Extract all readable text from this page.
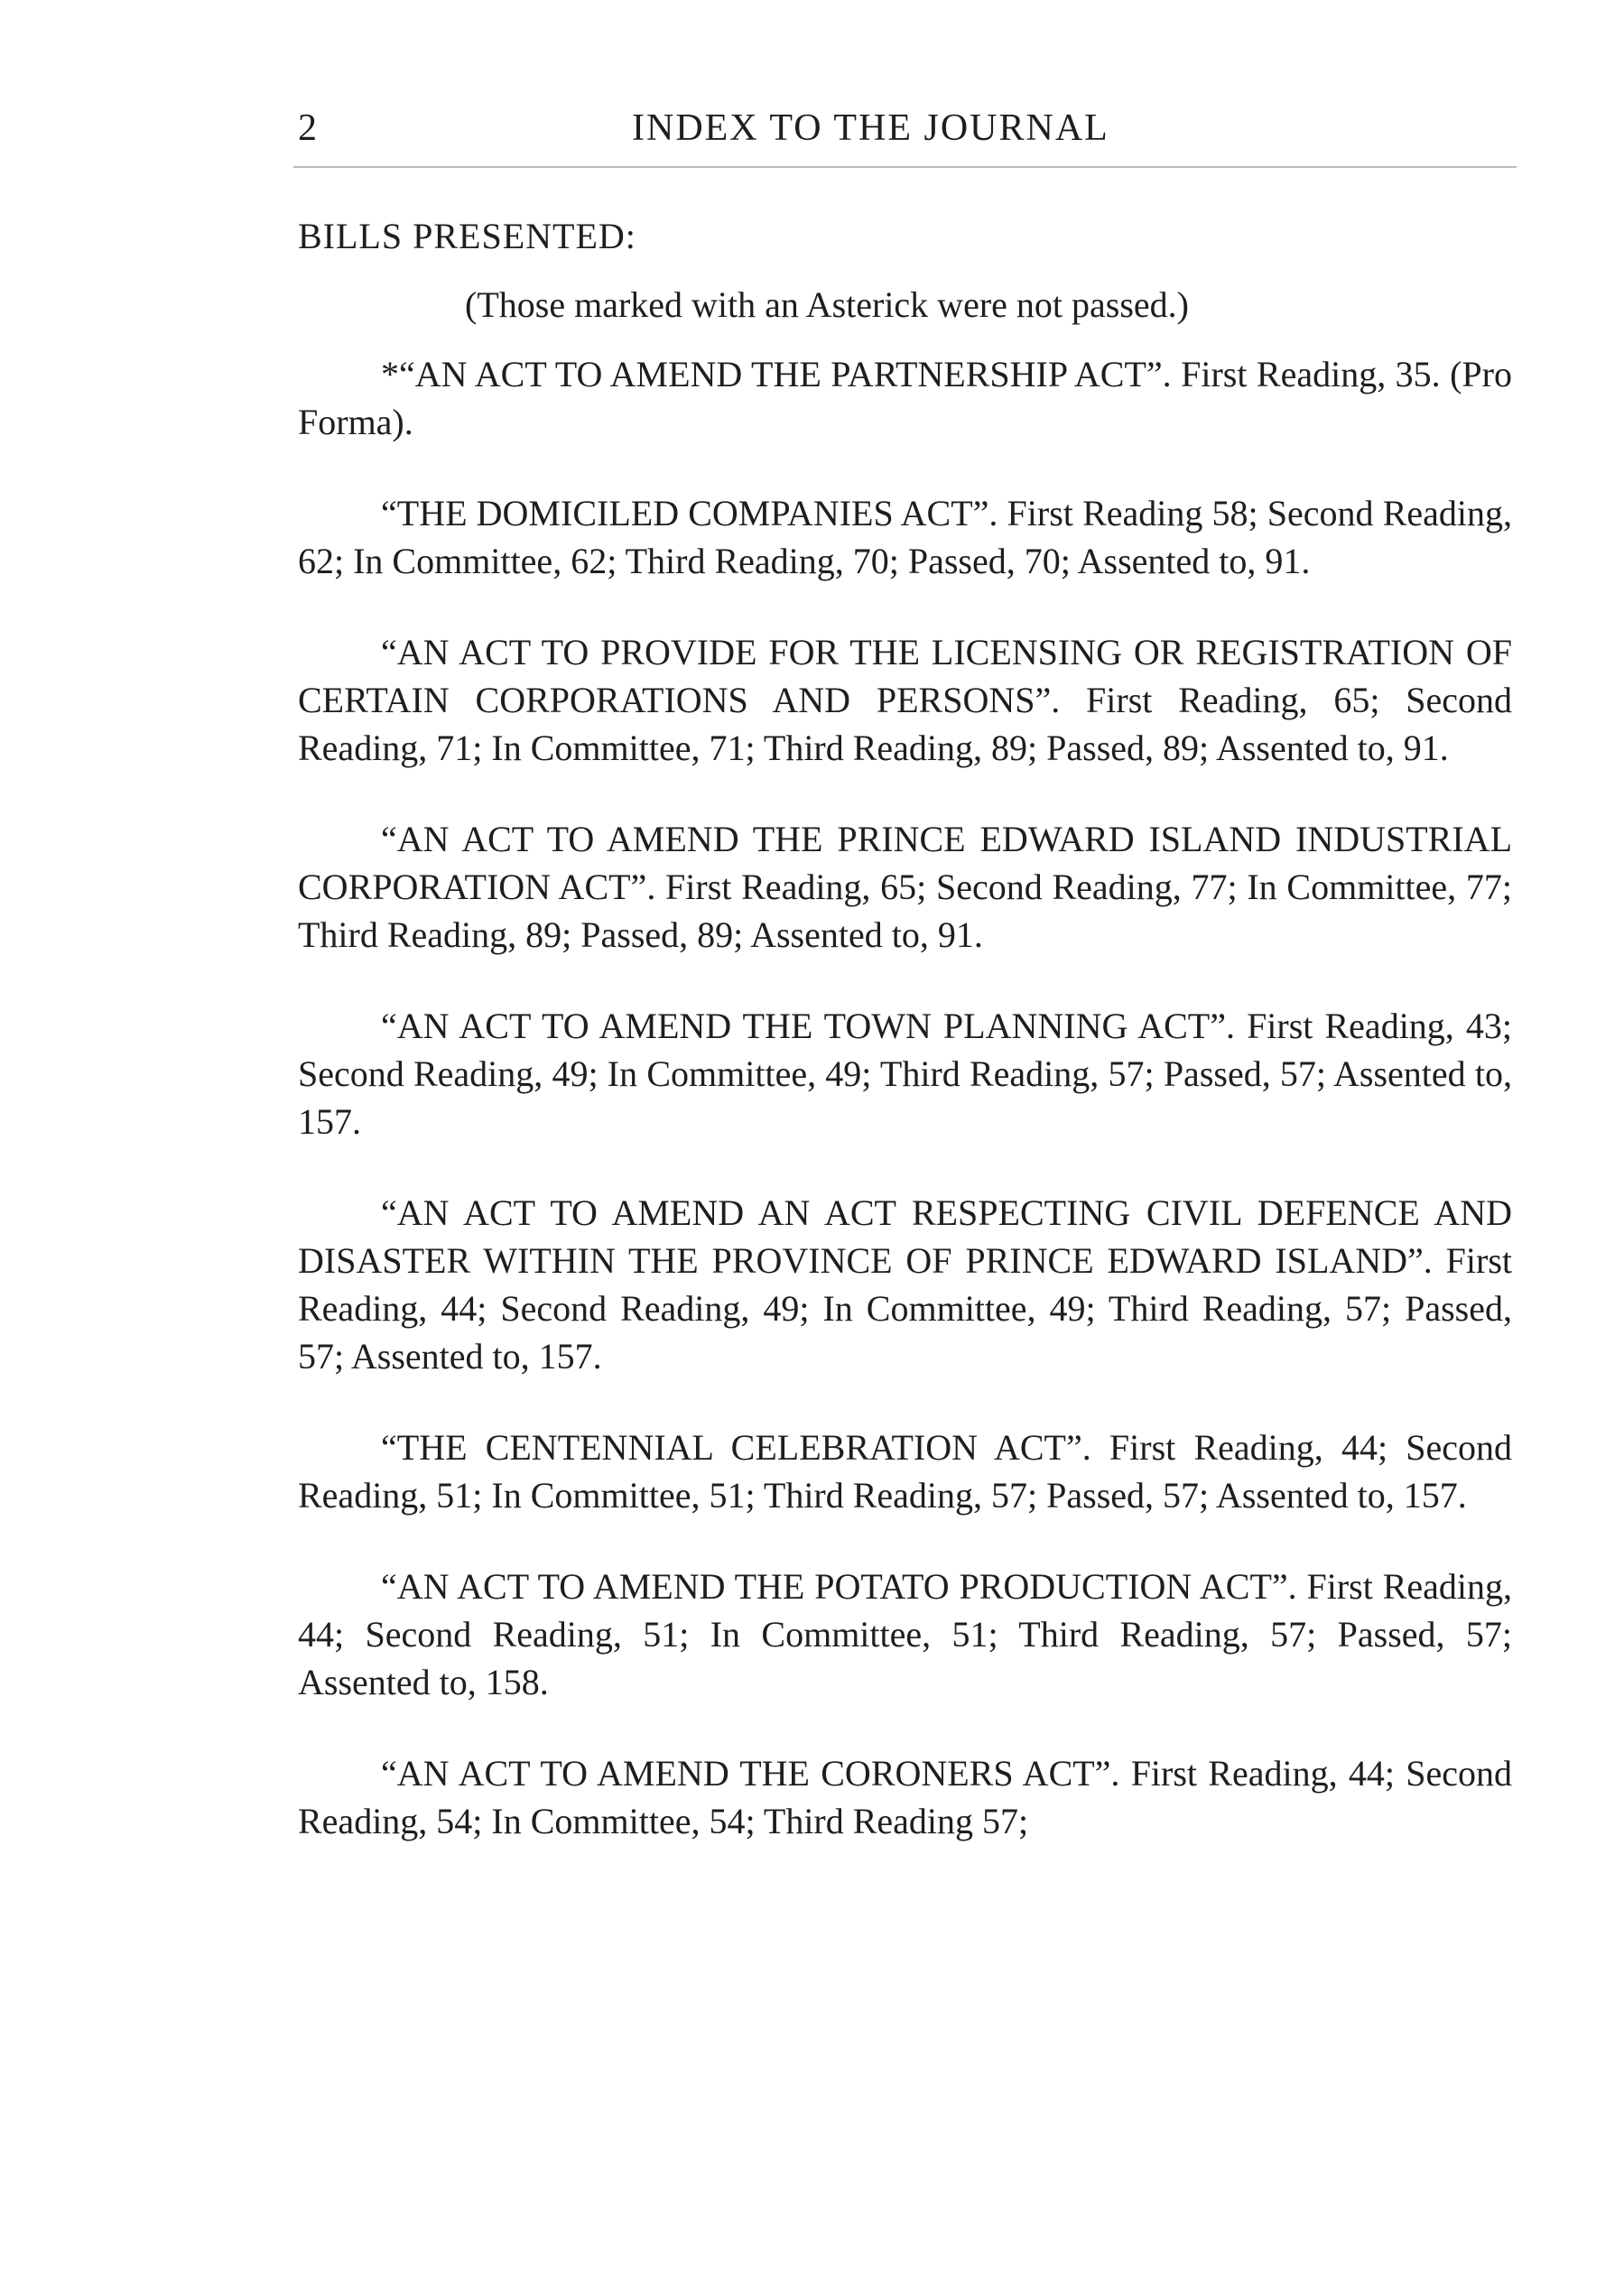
2	INDEX TO THE JOURNAL
BILLS PRESENTED:
(Those marked with an Asterick were not passed.)

*“AN ACT TO AMEND THE PARTNERSHIP ACT”. First Reading, 35. (Pro Forma).

“THE DOMICILED COMPANIES ACT”. First Reading 58; Second Reading, 62; In Committee, 62; Third Reading, 70; Passed, 70; Assented to, 91.

“AN ACT TO PROVIDE FOR THE LICENSING OR REGISTRATION OF CERTAIN CORPORATIONS AND PERSONS”. First Reading, 65; Second Reading, 71; In Committee, 71; Third Reading, 89; Passed, 89; Assented to, 91.

“AN ACT TO AMEND THE PRINCE EDWARD ISLAND INDUSTRIAL CORPORATION ACT”. First Reading, 65; Second Reading, 77; In Committee, 77; Third Reading, 89; Passed, 89; Assented to, 91.

“AN ACT TO AMEND THE TOWN PLANNING ACT”. First Reading, 43; Second Reading, 49; In Committee, 49; Third Reading, 57; Passed, 57; Assented to, 157.

“AN ACT TO AMEND AN ACT RESPECTING CIVIL DEFENCE AND DISASTER WITHIN THE PROVINCE OF PRINCE EDWARD ISLAND”. First Reading, 44; Second Reading, 49; In Committee, 49; Third Reading, 57; Passed, 57; Assented to, 157.

“THE CENTENNIAL CELEBRATION ACT”. First Reading, 44; Second Reading, 51; In Committee, 51; Third Reading, 57; Passed, 57; Assented to, 157.

“AN ACT TO AMEND THE POTATO PRODUCTION ACT”. First Reading, 44; Second Reading, 51; In Committee, 51; Third Reading, 57; Passed, 57; Assented to, 158.

“AN ACT TO AMEND THE CORONERS ACT”. First Reading, 44; Second Reading, 54; In Committee, 54; Third Reading 57;
